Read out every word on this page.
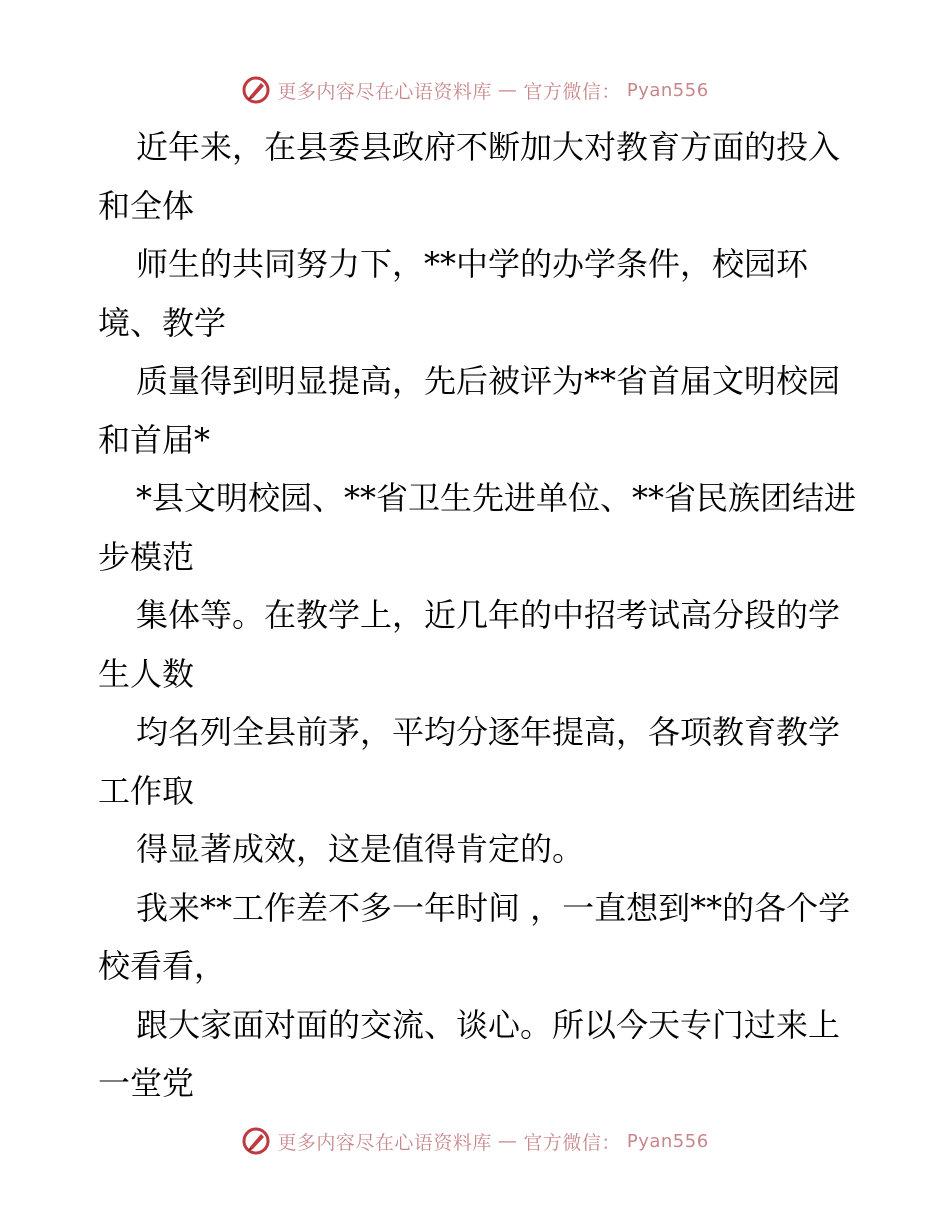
更多内容尽在心语资料库 — 官方微信： Pyan556

近年来，在县委县政府不断加大对教育方面的投入和全体

师生的共同努力下，**中学的办学条件，校园环境、教学

质量得到明显提高，先后被评为**省首届文明校园和首届*

*县文明校园、**省卫生先进单位、**省民族团结进步模范

集体等。在教学上，近几年的中招考试高分段的学生人数

均名列全县前茅，平均分逐年提高，各项教育教学工作取

得显著成效，这是值得肯定的。

我来**工作差不多一年时间 ，一直想到**的各个学校看看，

跟大家面对面的交流、谈心。所以今天专门过来上一堂党

更多内容尽在心语资料库 — 官方微信： Pyan556
